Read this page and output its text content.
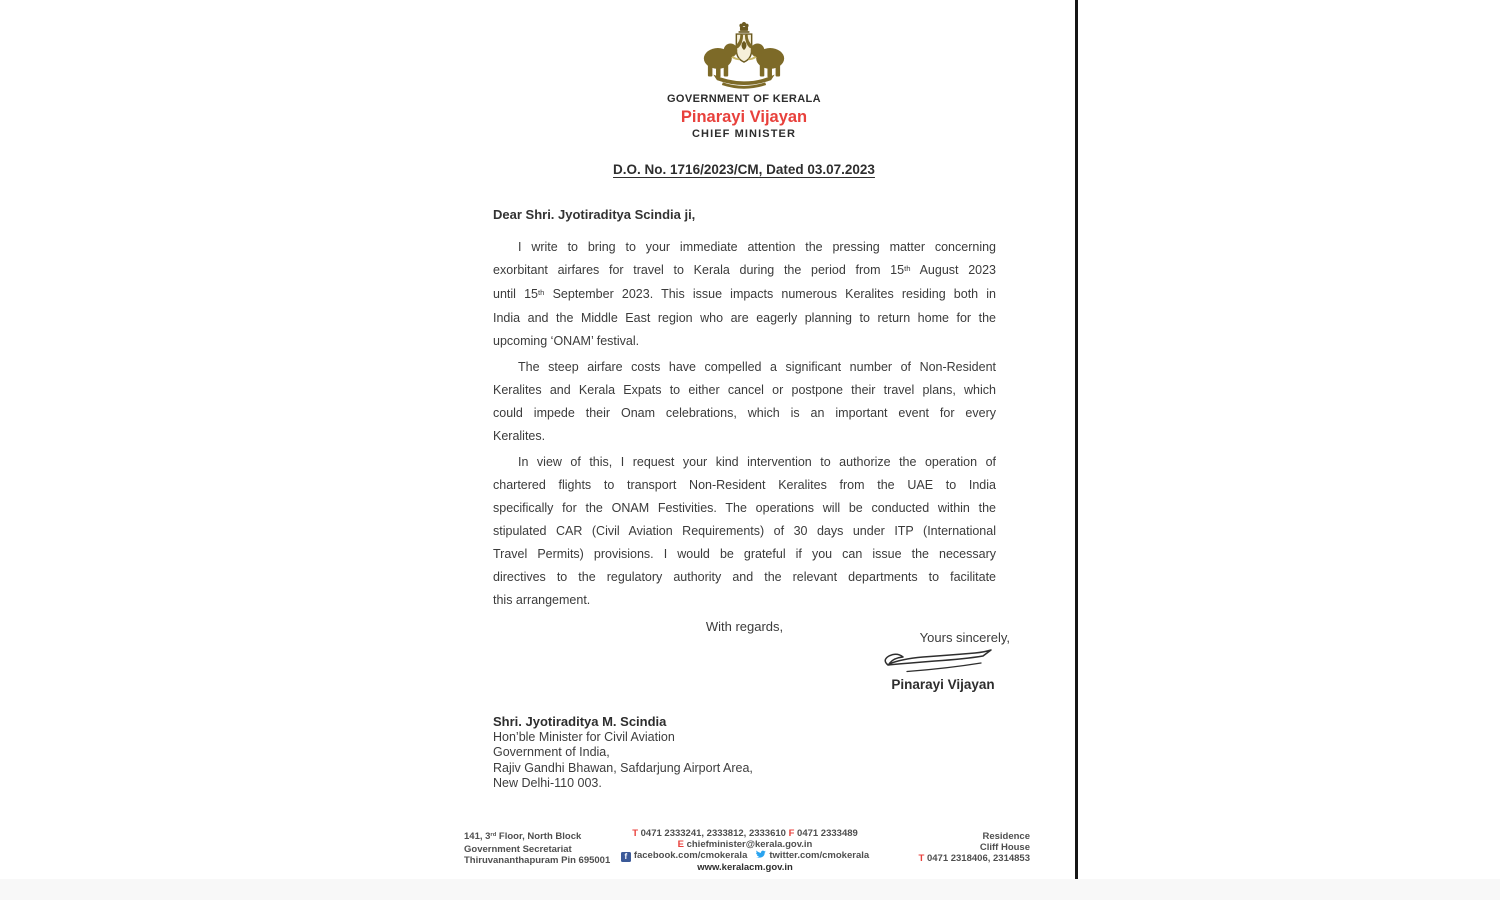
GOVERNMENT OF KERALA
Pinarayi Vijayan
CHIEF MINISTER
D.O. No. 1716/2023/CM, Dated 03.07.2023
Dear Shri. Jyotiraditya Scindia ji,
I write to bring to your immediate attention the pressing matter concerning
exorbitant airfares for travel to Kerala during the period from 15th August 2023
until 15th September 2023. This issue impacts numerous Keralites residing both in
India and the Middle East region who are eagerly planning to return home for the
upcoming ‘ONAM’ festival.
The steep airfare costs have compelled a significant number of Non-Resident
Keralites and Kerala Expats to either cancel or postpone their travel plans, which
could impede their Onam celebrations, which is an important event for every
Keralites.
In view of this, I request your kind intervention to authorize the operation of
chartered flights to transport Non-Resident Keralites from the UAE to India
specifically for the ONAM Festivities. The operations will be conducted within the
stipulated CAR (Civil Aviation Requirements) of 30 days under ITP (International
Travel Permits) provisions. I would be grateful if you can issue the necessary
directives to the regulatory authority and the relevant departments to facilitate
this arrangement.
With regards,
Yours sincerely,
Pinarayi Vijayan
Shri. Jyotiraditya M. Scindia
Hon’ble Minister for Civil Aviation
Government of India,
Rajiv Gandhi Bhawan, Safdarjung Airport Area,
New Delhi-110 003.
141, 3rd Floor, North Block
Government Secretariat
Thiruvananthapuram Pin 695001
T 0471 2333241, 2333812, 2333610 F 0471 2333489
E chiefminister@kerala.gov.in
f facebook.com/cmokerala twitter.com/cmokerala
www.keralacm.gov.in
Residence
Cliff House
T 0471 2318406, 2314853
